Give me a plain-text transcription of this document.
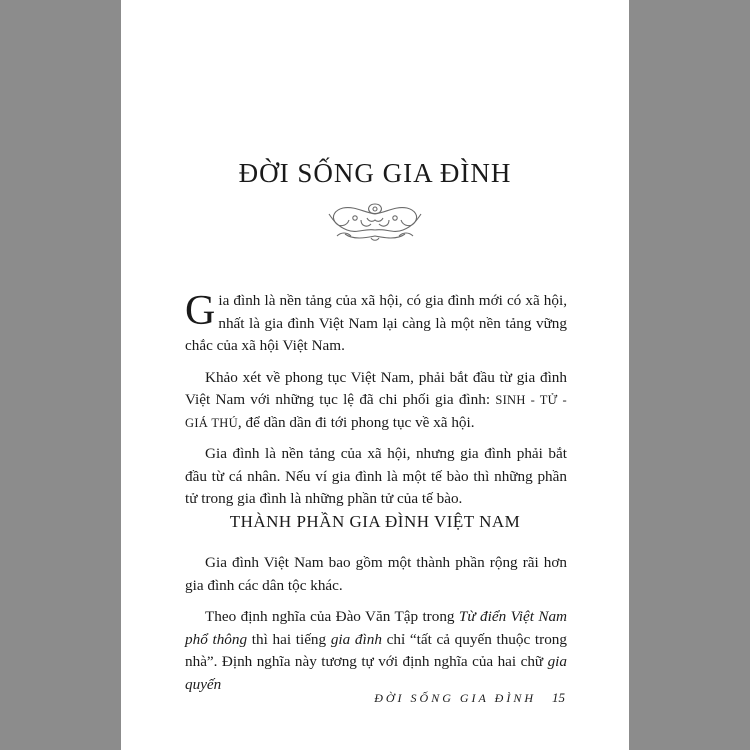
ĐỜI SỐNG GIA ĐÌNH

Gia đình là nền tảng của xã hội, có gia đình mới có xã hội, nhất là gia đình Việt Nam lại càng là một nền tảng vững chắc của xã hội Việt Nam.

Khảo xét về phong tục Việt Nam, phải bắt đầu từ gia đình Việt Nam với những tục lệ đã chi phối gia đình: SINH - TỬ - GIÁ THÚ, để dần dần đi tới phong tục về xã hội.

Gia đình là nền tảng của xã hội, nhưng gia đình phải bắt đầu từ cá nhân. Nếu ví gia đình là một tế bào thì những phần tử trong gia đình là những phần tử của tế bào.

THÀNH PHẦN GIA ĐÌNH VIỆT NAM

Gia đình Việt Nam bao gồm một thành phần rộng rãi hơn gia đình các dân tộc khác.

Theo định nghĩa của Đào Văn Tập trong Từ điển Việt Nam phổ thông thì hai tiếng gia đình chỉ “tất cả quyến thuộc trong nhà”. Định nghĩa này tương tự với định nghĩa của hai chữ gia quyến

ĐỜI SỐNG GIA ĐÌNH 15
